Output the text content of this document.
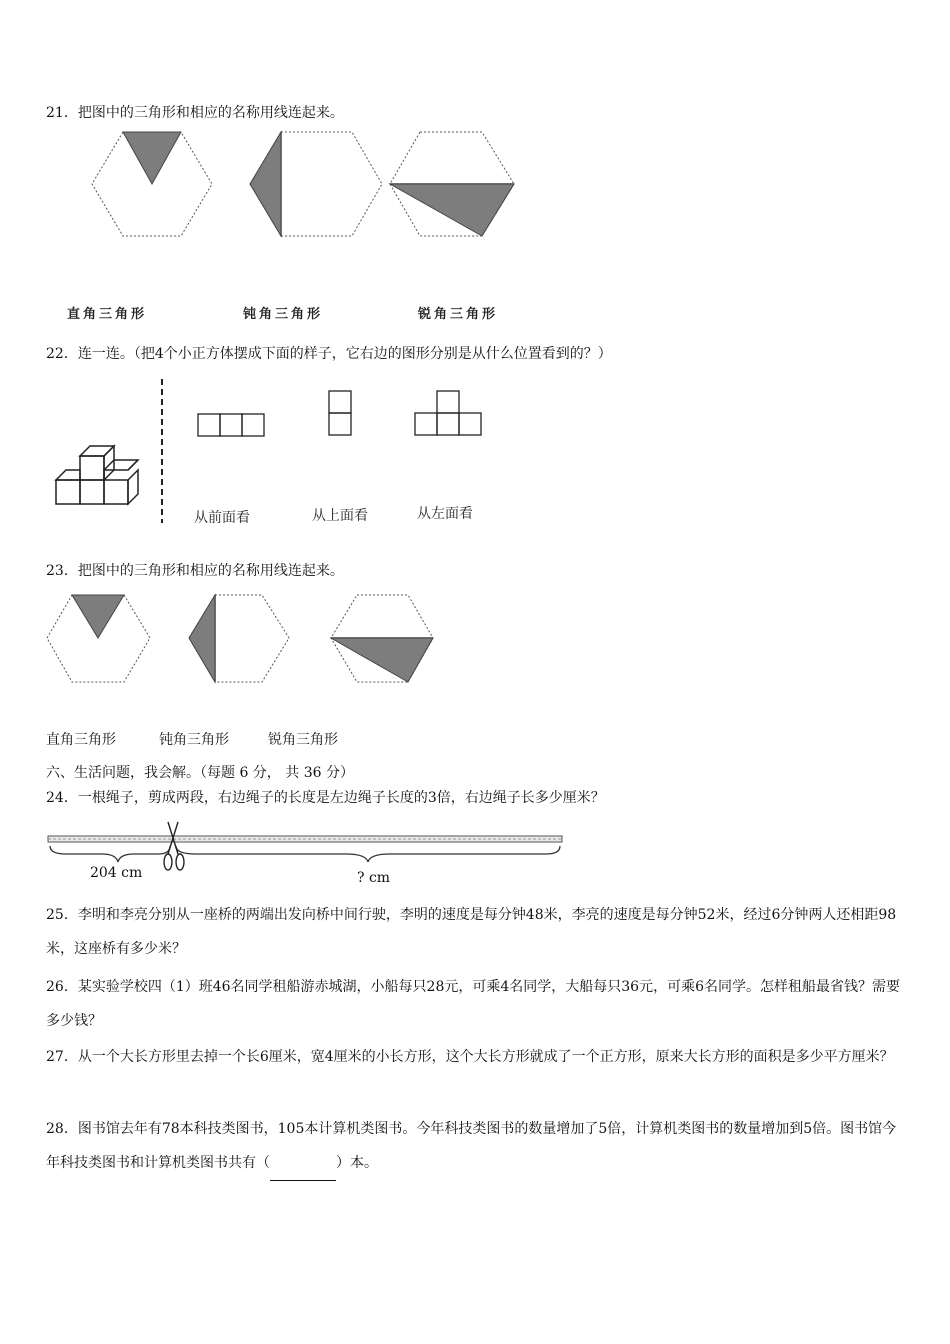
21．把图中的三角形和相应的名称用线连起来。
直角三角形	钝角三角形	锐角三角形
22．连一连。（把4个小正方体摆成下面的样子，它右边的图形分别是从什么位置看到的？）
从前面看	从上面看	从左面看
23．把图中的三角形和相应的名称用线连起来。
直角三角形	钝角三角形	锐角三角形
六、生活问题，我会解。（每题 6 分， 共 36 分）
24．一根绳子，剪成两段，右边绳子的长度是左边绳子长度的3倍，右边绳子长多少厘米？
204 cm	? cm
25．李明和李亮分别从一座桥的两端出发向桥中间行驶，李明的速度是每分钟48米，李亮的速度是每分钟52米，经过6分钟两人还相距98米，这座桥有多少米？
26．某实验学校四（1）班46名同学租船游赤城湖，小船每只28元，可乘4名同学，大船每只36元，可乘6名同学。怎样租船最省钱？需要多少钱？
27．从一个大长方形里去掉一个长6厘米，宽4厘米的小长方形，这个大长方形就成了一个正方形，原来大长方形的面积是多少平方厘米？
28．图书馆去年有78本科技类图书，105本计算机类图书。今年科技类图书的数量增加了5倍，计算机类图书的数量增加到5倍。图书馆今年科技类图书和计算机类图书共有（	）本。
